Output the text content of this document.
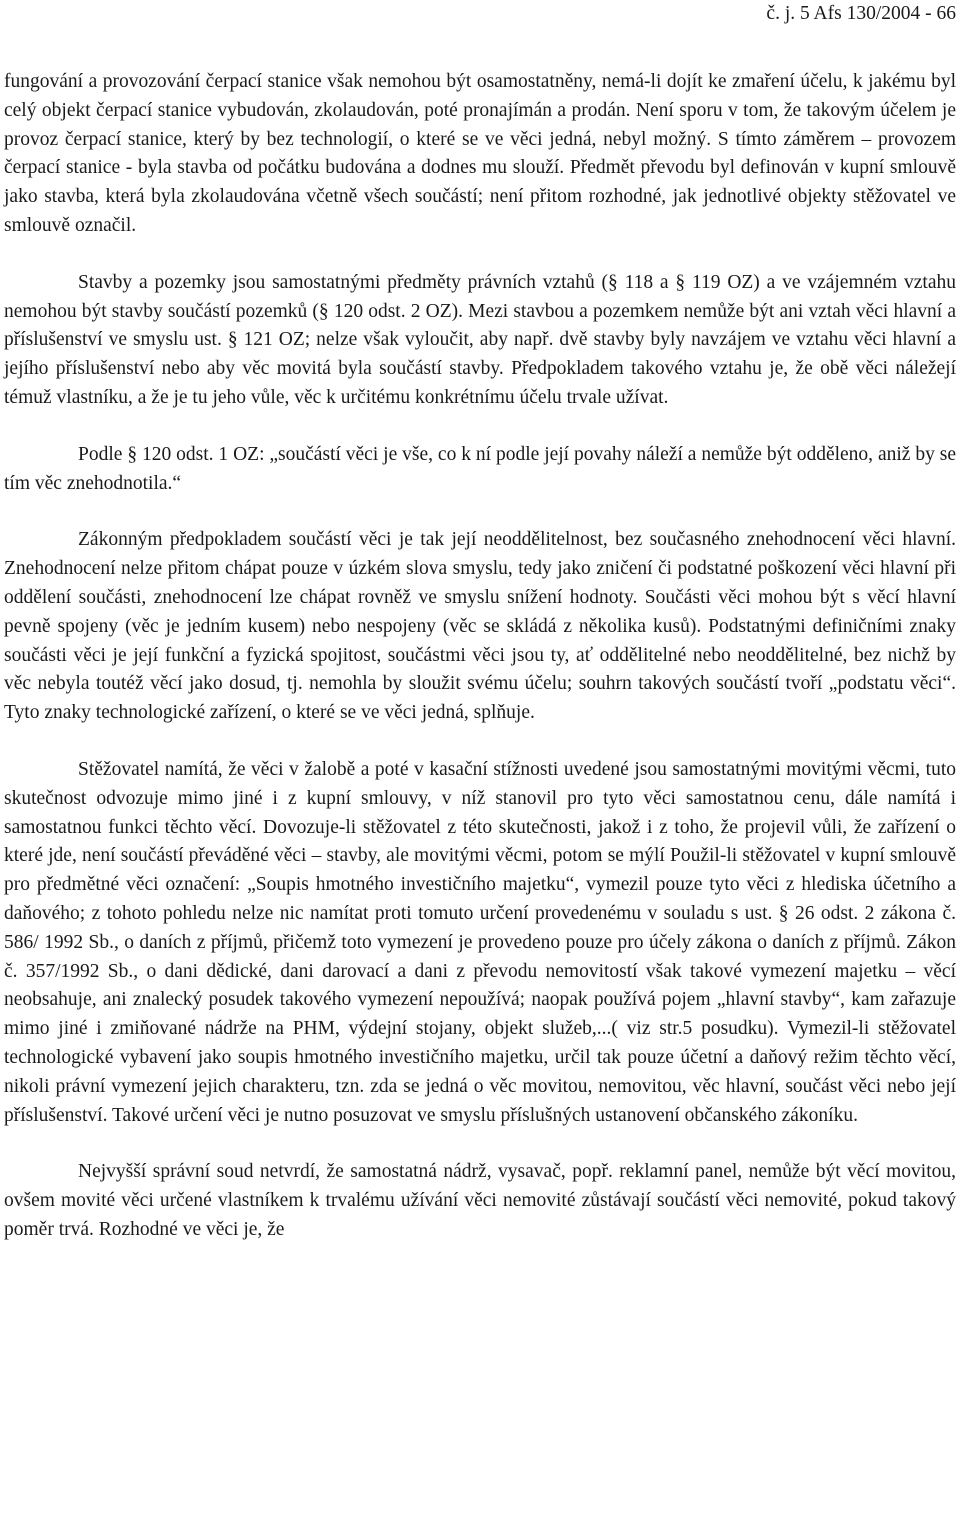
č. j. 5 Afs 130/2004 - 66

fungování a provozování čerpací stanice však nemohou být osamostatněny, nemá-li dojít ke zmaření účelu, k jakému byl celý objekt čerpací stanice vybudován, zkolaudován, poté pronajímán a prodán. Není sporu v tom, že takovým účelem je provoz čerpací stanice, který by bez technologií, o které se ve věci jedná, nebyl možný. S tímto záměrem – provozem čerpací stanice - byla stavba od počátku budována a dodnes mu slouží. Předmět převodu byl definován v kupní smlouvě jako stavba, která byla zkolaudována včetně všech součástí; není přitom rozhodné, jak jednotlivé objekty stěžovatel ve smlouvě označil.

Stavby a pozemky jsou samostatnými předměty právních vztahů (§ 118 a § 119 OZ) a ve vzájemném vztahu nemohou být stavby součástí pozemků (§ 120 odst. 2 OZ). Mezi stavbou a pozemkem nemůže být ani vztah věci hlavní a příslušenství ve smyslu ust. § 121 OZ; nelze však vyloučit, aby např. dvě stavby byly navzájem ve vztahu věci hlavní a jejího příslušenství nebo aby věc movitá byla součástí stavby. Předpokladem takového vztahu je, že obě věci náležejí témuž vlastníku, a že je tu jeho vůle, věc k určitému konkrétnímu účelu trvale užívat.

Podle § 120 odst. 1 OZ: „součástí věci je vše, co k ní podle její povahy náleží a nemůže být odděleno, aniž by se tím věc znehodnotila.“

Zákonným předpokladem součástí věci je tak její neoddělitelnost, bez současného znehodnocení věci hlavní. Znehodnocení nelze přitom chápat pouze v úzkém slova smyslu, tedy jako zničení či podstatné poškození věci hlavní při oddělení součásti, znehodnocení lze chápat rovněž ve smyslu snížení hodnoty. Součásti věci mohou být s věcí hlavní pevně spojeny (věc je jedním kusem) nebo nespojeny (věc se skládá z několika kusů). Podstatnými definičními znaky součásti věci je její funkční a fyzická spojitost, součástmi věci jsou ty, ať oddělitelné nebo neoddělitelné, bez nichž by věc nebyla toutéž věcí jako dosud, tj. nemohla by sloužit svému účelu; souhrn takových součástí tvoří „podstatu věci“. Tyto znaky technologické zařízení, o které se ve věci jedná, splňuje.

Stěžovatel namítá, že věci v žalobě a poté v kasační stížnosti uvedené jsou samostatnými movitými věcmi, tuto skutečnost odvozuje mimo jiné i z kupní smlouvy, v níž stanovil pro tyto věci samostatnou cenu, dále namítá i samostatnou funkci těchto věcí. Dovozuje-li stěžovatel z této skutečnosti, jakož i z toho, že projevil vůli, že zařízení o které jde, není součástí převáděné věci – stavby, ale movitými věcmi, potom se mýlí Použil-li stěžovatel v kupní smlouvě pro předmětné věci označení: „Soupis hmotného investičního majetku“, vymezil pouze tyto věci z hlediska účetního a daňového; z tohoto pohledu nelze nic namítat proti tomuto určení provedenému v souladu s ust. § 26 odst. 2 zákona č. 586/ 1992 Sb., o daních z příjmů, přičemž toto vymezení je provedeno pouze pro účely zákona o daních z příjmů. Zákon č. 357/1992 Sb., o dani dědické, dani darovací a dani z převodu nemovitostí však takové vymezení majetku – věcí neobsahuje, ani znalecký posudek takového vymezení nepoužívá; naopak používá pojem „hlavní stavby“, kam zařazuje mimo jiné i zmiňované nádrže na PHM, výdejní stojany, objekt služeb,...( viz str.5 posudku). Vymezil-li stěžovatel technologické vybavení jako soupis hmotného investičního majetku, určil tak pouze účetní a daňový režim těchto věcí, nikoli právní vymezení jejich charakteru, tzn. zda se jedná o věc movitou, nemovitou, věc hlavní, součást věci nebo její příslušenství. Takové určení věci je nutno posuzovat ve smyslu příslušných ustanovení občanského zákoníku.

Nejvyšší správní soud netvrdí, že samostatná nádrž, vysavač, popř. reklamní panel, nemůže být věcí movitou, ovšem movité věci určené vlastníkem k trvalému užívání věci nemovité zůstávají součástí věci nemovité, pokud takový poměr trvá. Rozhodné ve věci je, že
